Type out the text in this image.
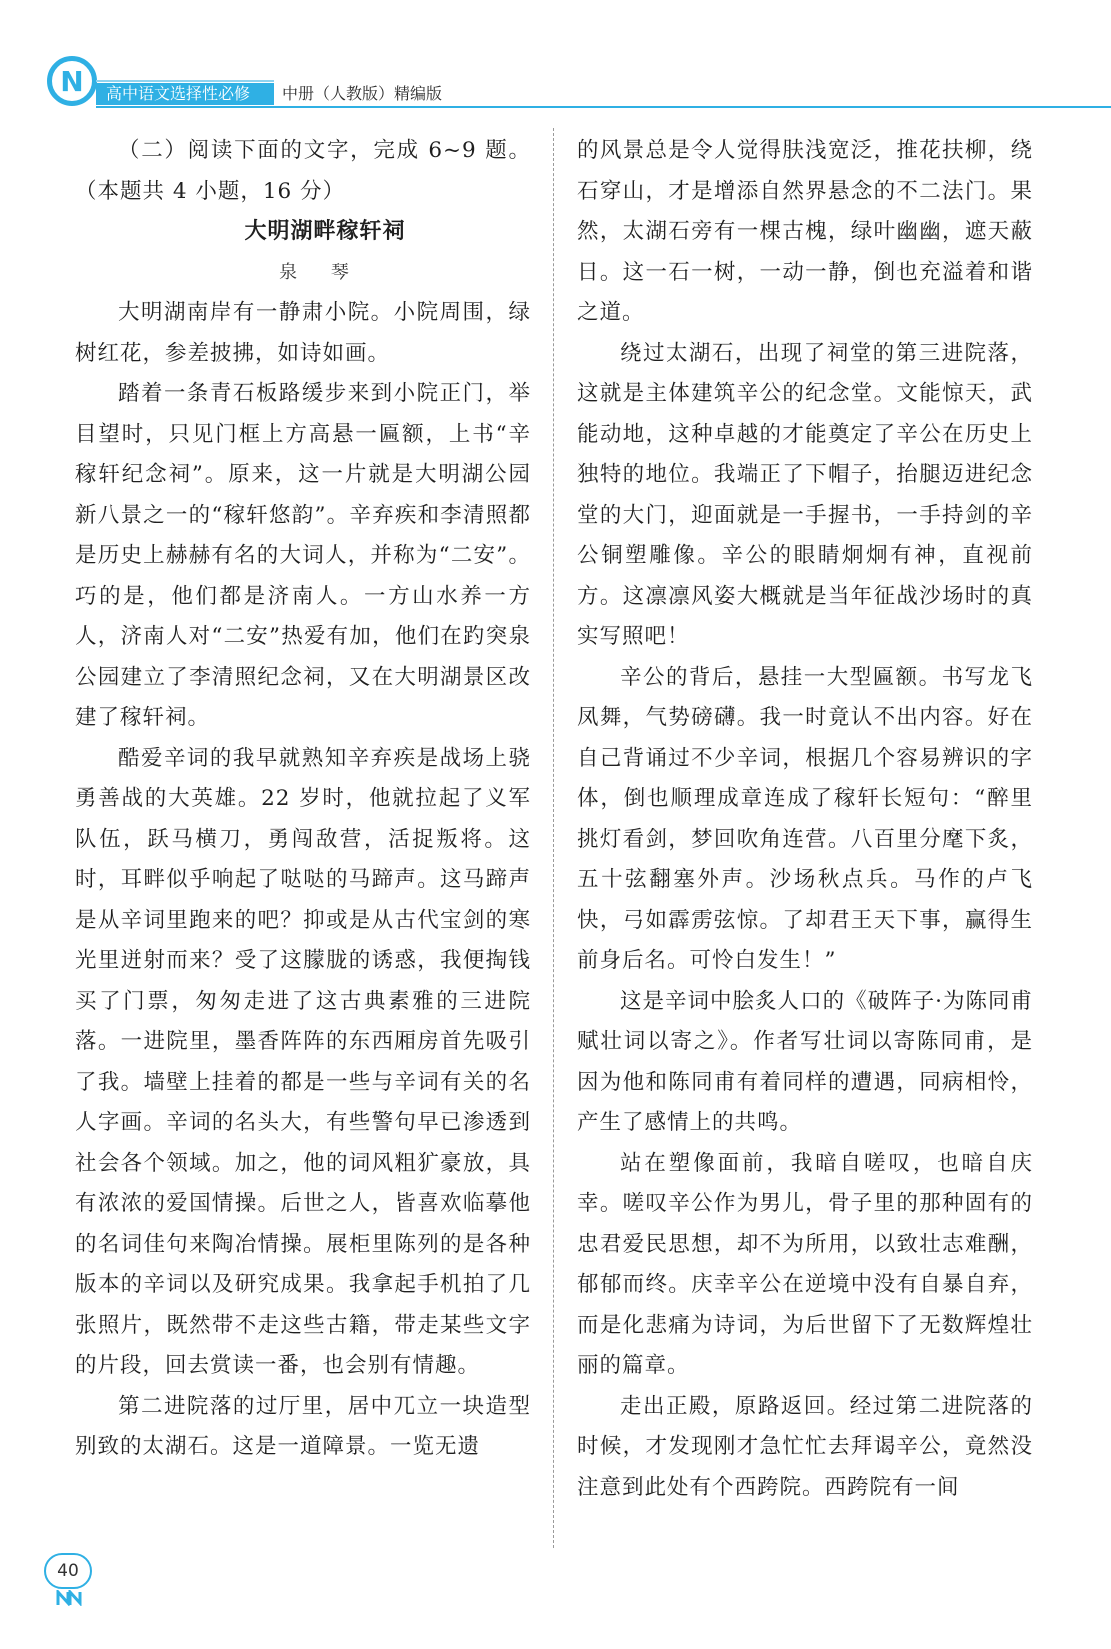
N	高中语文选择性必修	中册（人教版）精编版

（二）阅读下面的文字，完成 6~9 题。（本题共 4 小题，16 分）

大明湖畔稼轩祠

泉 琴

大明湖南岸有一静肃小院。小院周围，绿树红花，参差披拂，如诗如画。

踏着一条青石板路缓步来到小院正门，举目望时，只见门框上方高悬一匾额，上书“辛稼轩纪念祠”。原来，这一片就是大明湖公园新八景之一的“稼轩悠韵”。辛弃疾和李清照都是历史上赫赫有名的大词人，并称为“二安”。巧的是，他们都是济南人。一方山水养一方人，济南人对“二安”热爱有加，他们在趵突泉公园建立了李清照纪念祠，又在大明湖景区改建了稼轩祠。

酷爱辛词的我早就熟知辛弃疾是战场上骁勇善战的大英雄。22 岁时，他就拉起了义军队伍，跃马横刀，勇闯敌营，活捉叛将。这时，耳畔似乎响起了哒哒的马蹄声。这马蹄声是从辛词里跑来的吧？抑或是从古代宝剑的寒光里迸射而来？受了这朦胧的诱惑，我便掏钱买了门票，匆匆走进了这古典素雅的三进院落。一进院里，墨香阵阵的东西厢房首先吸引了我。墙壁上挂着的都是一些与辛词有关的名人字画。辛词的名头大，有些警句早已渗透到社会各个领域。加之，他的词风粗犷豪放，具有浓浓的爱国情操。后世之人，皆喜欢临摹他的名词佳句来陶冶情操。展柜里陈列的是各种版本的辛词以及研究成果。我拿起手机拍了几张照片，既然带不走这些古籍，带走某些文字的片段，回去赏读一番，也会别有情趣。

第二进院落的过厅里，居中兀立一块造型别致的太湖石。这是一道障景。一览无遗

的风景总是令人觉得肤浅宽泛，推花扶柳，绕石穿山，才是增添自然界悬念的不二法门。果然，太湖石旁有一棵古槐，绿叶幽幽，遮天蔽日。这一石一树，一动一静，倒也充溢着和谐之道。

绕过太湖石，出现了祠堂的第三进院落，这就是主体建筑辛公的纪念堂。文能惊天，武能动地，这种卓越的才能奠定了辛公在历史上独特的地位。我端正了下帽子，抬腿迈进纪念堂的大门，迎面就是一手握书，一手持剑的辛公铜塑雕像。辛公的眼睛炯炯有神，直视前方。这凛凛风姿大概就是当年征战沙场时的真实写照吧！

辛公的背后，悬挂一大型匾额。书写龙飞凤舞，气势磅礴。我一时竟认不出内容。好在自己背诵过不少辛词，根据几个容易辨识的字体，倒也顺理成章连成了稼轩长短句：“醉里挑灯看剑，梦回吹角连营。八百里分麾下炙，五十弦翻塞外声。沙场秋点兵。马作的卢飞快，弓如霹雳弦惊。了却君王天下事，赢得生前身后名。可怜白发生！”

这是辛词中脍炙人口的《破阵子·为陈同甫赋壮词以寄之》。作者写壮词以寄陈同甫，是因为他和陈同甫有着同样的遭遇，同病相怜，产生了感情上的共鸣。

站在塑像面前，我暗自嗟叹，也暗自庆幸。嗟叹辛公作为男儿，骨子里的那种固有的忠君爱民思想，却不为所用，以致壮志难酬，郁郁而终。庆幸辛公在逆境中没有自暴自弃，而是化悲痛为诗词，为后世留下了无数辉煌壮丽的篇章。

走出正殿，原路返回。经过第二进院落的时候，才发现刚才急忙忙去拜谒辛公，竟然没注意到此处有个西跨院。西跨院有一间

40
